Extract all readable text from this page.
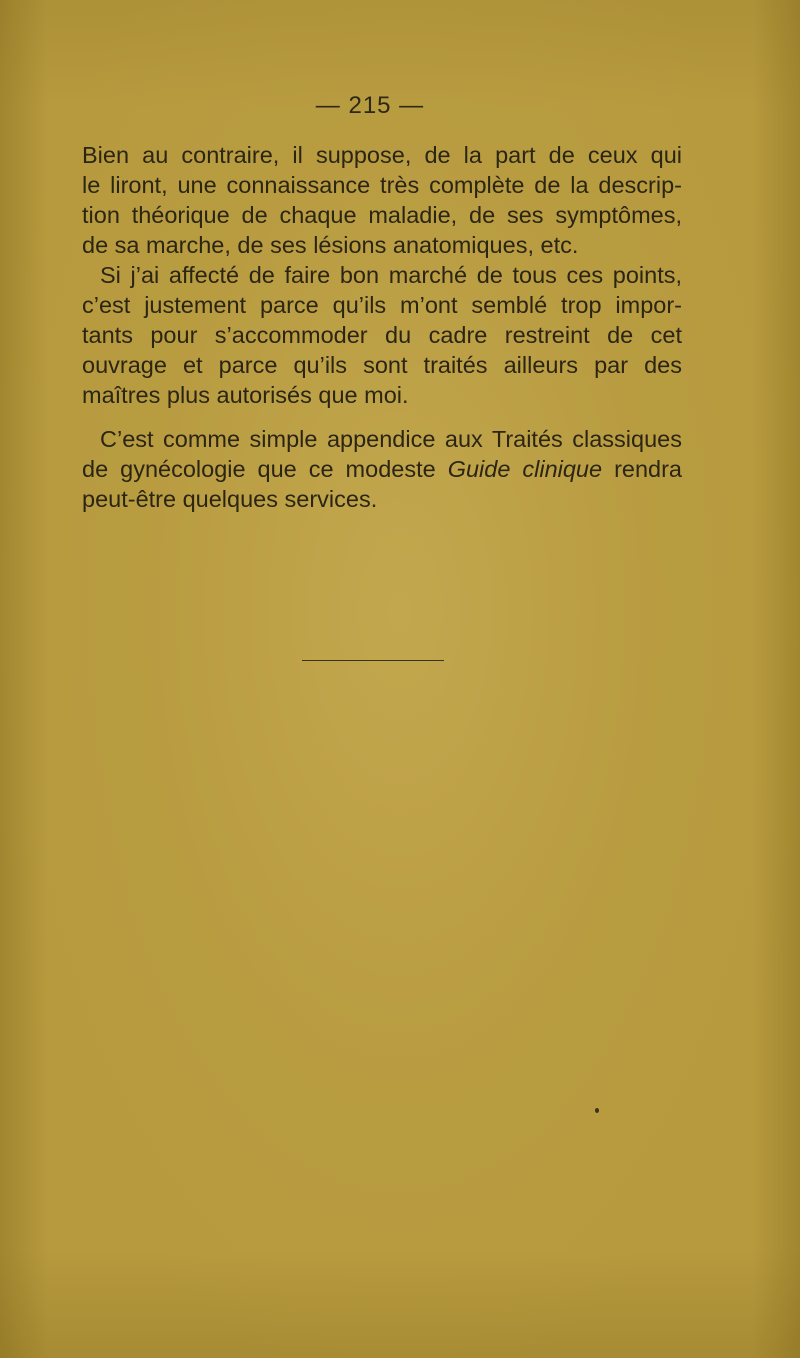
— 215 —

Bien au contraire, il suppose, de la part de ceux qui
le liront, une connaissance très complète de la descrip-
tion théorique de chaque maladie, de ses symptômes,
de sa marche, de ses lésions anatomiques, etc.

Si j’ai affecté de faire bon marché de tous ces points,
c’est justement parce qu’ils m’ont semblé trop impor-
tants pour s’accommoder du cadre restreint de cet
ouvrage et parce qu’ils sont traités ailleurs par des
maîtres plus autorisés que moi.

C’est comme simple appendice aux Traités classiques
de gynécologie que ce modeste Guide clinique rendra
peut-être quelques services.
